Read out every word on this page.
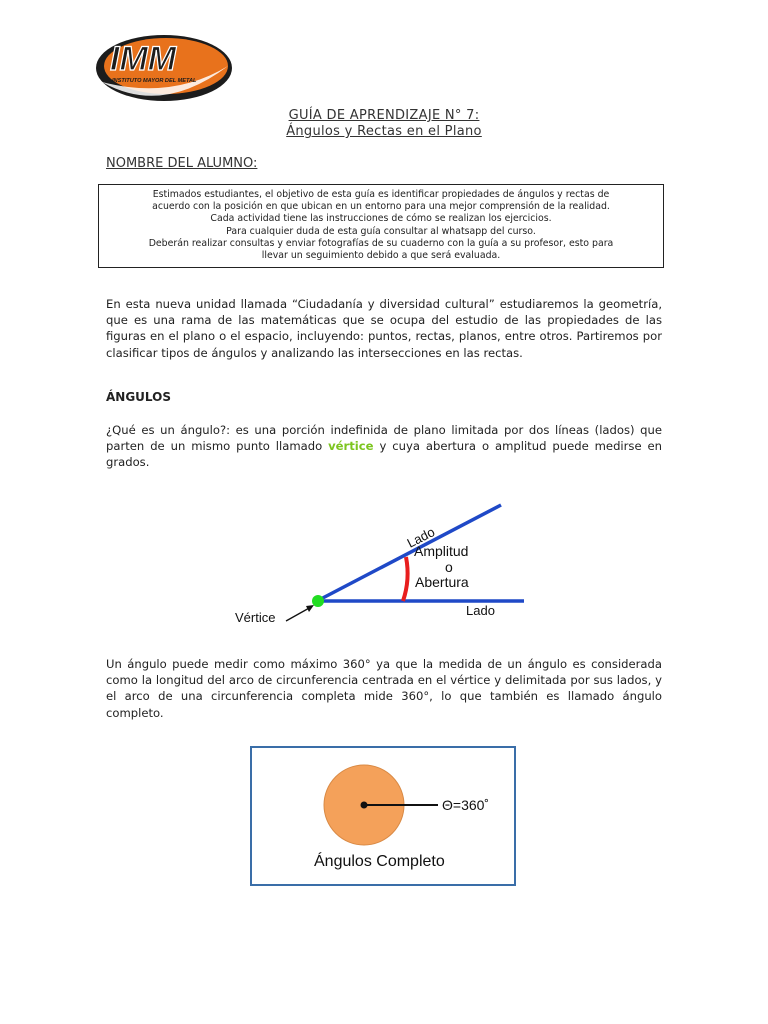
IMM
INSTITUTO MAYOR DEL METAL
GUÍA DE APRENDIZAJE N° 7:
Ángulos y Rectas en el Plano
NOMBRE DEL ALUMNO:
Estimados estudiantes, el objetivo de esta guía es identificar propiedades de ángulos y rectas de
acuerdo con la posición en que ubican en un entorno para una mejor comprensión de la realidad.
Cada actividad tiene las instrucciones de cómo se realizan los ejercicios.
Para cualquier duda de esta guía consultar al whatsapp del curso.
Deberán realizar consultas y enviar fotografías de su cuaderno con la guía a su profesor, esto para
llevar un seguimiento debido a que será evaluada.
En esta nueva unidad llamada “Ciudadanía y diversidad cultural” estudiaremos la geometría, que es una rama de las matemáticas que se ocupa del estudio de las propiedades de las figuras en el plano o el espacio, incluyendo: puntos, rectas, planos, entre otros. Partiremos por clasificar tipos de ángulos y analizando las intersecciones en las rectas.
ÁNGULOS
¿Qué es un ángulo?: es una porción indefinida de plano limitada por dos líneas (lados) que parten de un mismo punto llamado vértice y cuya abertura o amplitud puede medirse en grados.
Lado
Lado
Amplitud
o
Abertura
Vértice
Un ángulo puede medir como máximo 360° ya que la medida de un ángulo es considerada como la longitud del arco de circunferencia centrada en el vértice y delimitada por sus lados, y el arco de una circunferencia completa mide 360°, lo que también es llamado ángulo completo.
Θ=360˚
Ángulos Completo
